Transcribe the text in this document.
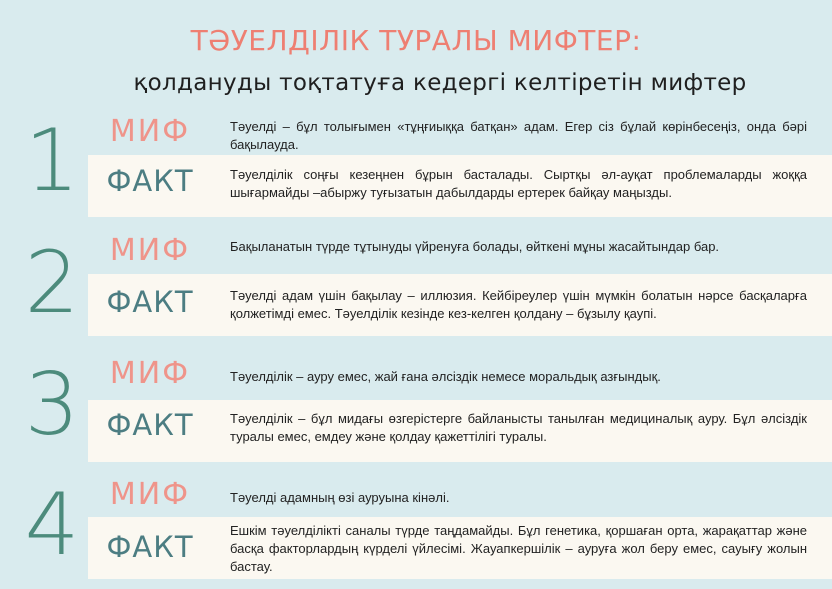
ТӘУЕЛДІЛІК ТУРАЛЫ МИФТЕР:
қолдануды тоқтатуға кедергі келтіретін мифтер
1	МИФ	Тәуелді – бұл толығымен «тұңғиыққа батқан» адам. Егер сіз бұлай көрінбесеңіз, онда бәрі бақылауда.
ФАКТ	Тәуелділік соңғы кезеңнен бұрын басталады. Сыртқы әл-ауқат проблемаларды жоққа шығармайды –абыржу туғызатын дабылдарды ертерек байқау маңызды.
2	МИФ	Бақыланатын түрде тұтынуды үйренуға болады, өйткені мұны жасайтындар бар.
ФАКТ	Тәуелді адам үшін бақылау – иллюзия. Кейбіреулер үшін мүмкін болатын нәрсе басқаларға қолжетімді емес. Тәуелділік кезінде кез-келген қолдану – бұзылу қаупі.
3	МИФ	Тәуелділік – ауру емес, жай ғана әлсіздік немесе моральдық азғындық.
ФАКТ	Тәуелділік – бұл мидағы өзгерістерге байланысты танылған медициналық ауру. Бұл әлсіздік туралы емес, емдеу және қолдау қажеттілігі туралы.
4	МИФ	Тәуелді адамның өзі ауруына кінәлі.
ФАКТ	Ешкім тәуелділікті саналы түрде таңдамайды. Бұл генетика, қоршаған орта, жарақаттар және басқа факторлардың күрделі үйлесімі. Жауапкершілік – ауруға жол беру емес, сауығу жолын бастау.
